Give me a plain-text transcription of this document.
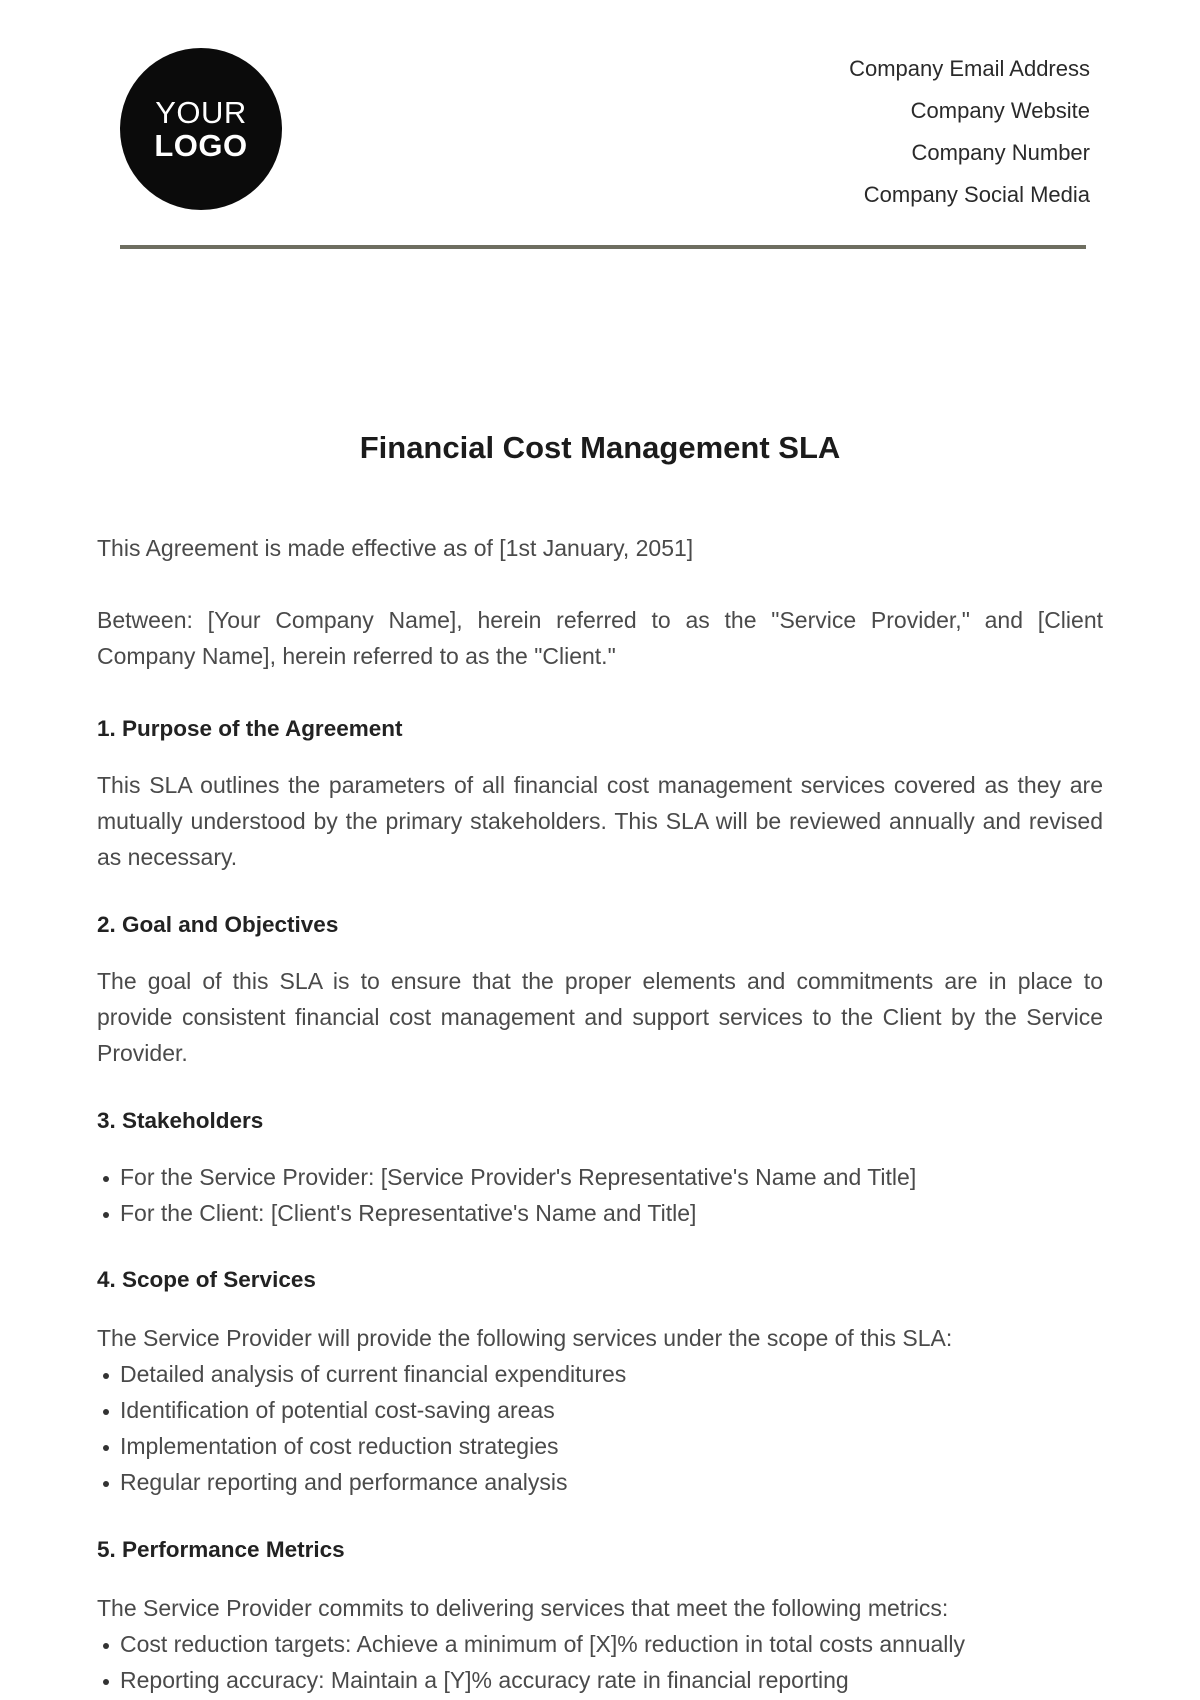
YOUR
LOGO
Company Email Address
Company Website
Company Number
Company Social Media
Financial Cost Management SLA
This Agreement is made effective as of [1st January, 2051]
Between: [Your Company Name], herein referred to as the "Service Provider," and [Client Company Name], herein referred to as the "Client."
1. Purpose of the Agreement
This SLA outlines the parameters of all financial cost management services covered as they are mutually understood by the primary stakeholders. This SLA will be reviewed annually and revised as necessary.
2. Goal and Objectives
The goal of this SLA is to ensure that the proper elements and commitments are in place to provide consistent financial cost management and support services to the Client by the Service Provider.
3. Stakeholders
For the Service Provider: [Service Provider's Representative's Name and Title]
For the Client: [Client's Representative's Name and Title]
4. Scope of Services
The Service Provider will provide the following services under the scope of this SLA:
Detailed analysis of current financial expenditures
Identification of potential cost-saving areas
Implementation of cost reduction strategies
Regular reporting and performance analysis
5. Performance Metrics
The Service Provider commits to delivering services that meet the following metrics:
Cost reduction targets: Achieve a minimum of [X]% reduction in total costs annually
Reporting accuracy: Maintain a [Y]% accuracy rate in financial reporting
